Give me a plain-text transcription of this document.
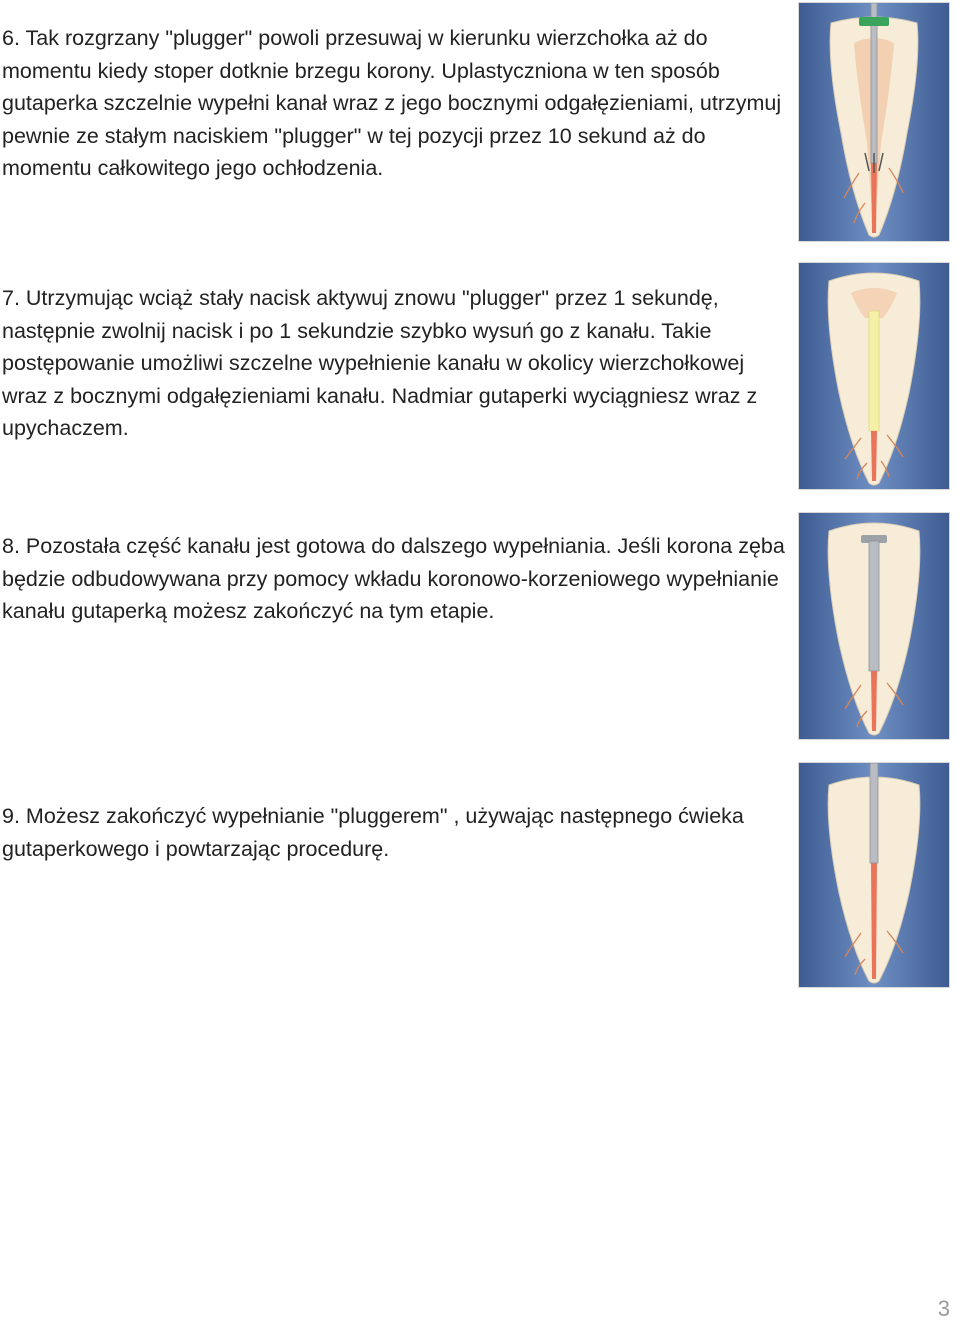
6. Tak rozgrzany "plugger" powoli przesuwaj w kierunku wierzchołka aż do momentu kiedy stoper dotknie brzegu korony. Uplastyczniona w ten sposób gutaperka szczelnie wypełni kanał wraz z jego bocznymi odgałęzieniami, utrzymuj pewnie ze stałym naciskiem "plugger" w tej pozycji przez 10 sekund aż do momentu całkowitego jego ochłodzenia.
7. Utrzymując wciąż stały nacisk aktywuj znowu "plugger" przez 1 sekundę, następnie zwolnij nacisk i po 1 sekundzie szybko wysuń go z kanału. Takie postępowanie umożliwi szczelne wypełnienie kanału w okolicy wierzchołkowej wraz z bocznymi odgałęzieniami kanału. Nadmiar gutaperki wyciągniesz wraz z upychaczem.
8. Pozostała część kanału jest gotowa do dalszego wypełniania. Jeśli korona zęba będzie odbudowywana przy pomocy wkładu koronowo-korzeniowego wypełnianie kanału gutaperką możesz zakończyć na tym etapie.
9. Możesz zakończyć wypełnianie "pluggerem" , używając następnego ćwieka gutaperkowego i powtarzając procedurę.
3
